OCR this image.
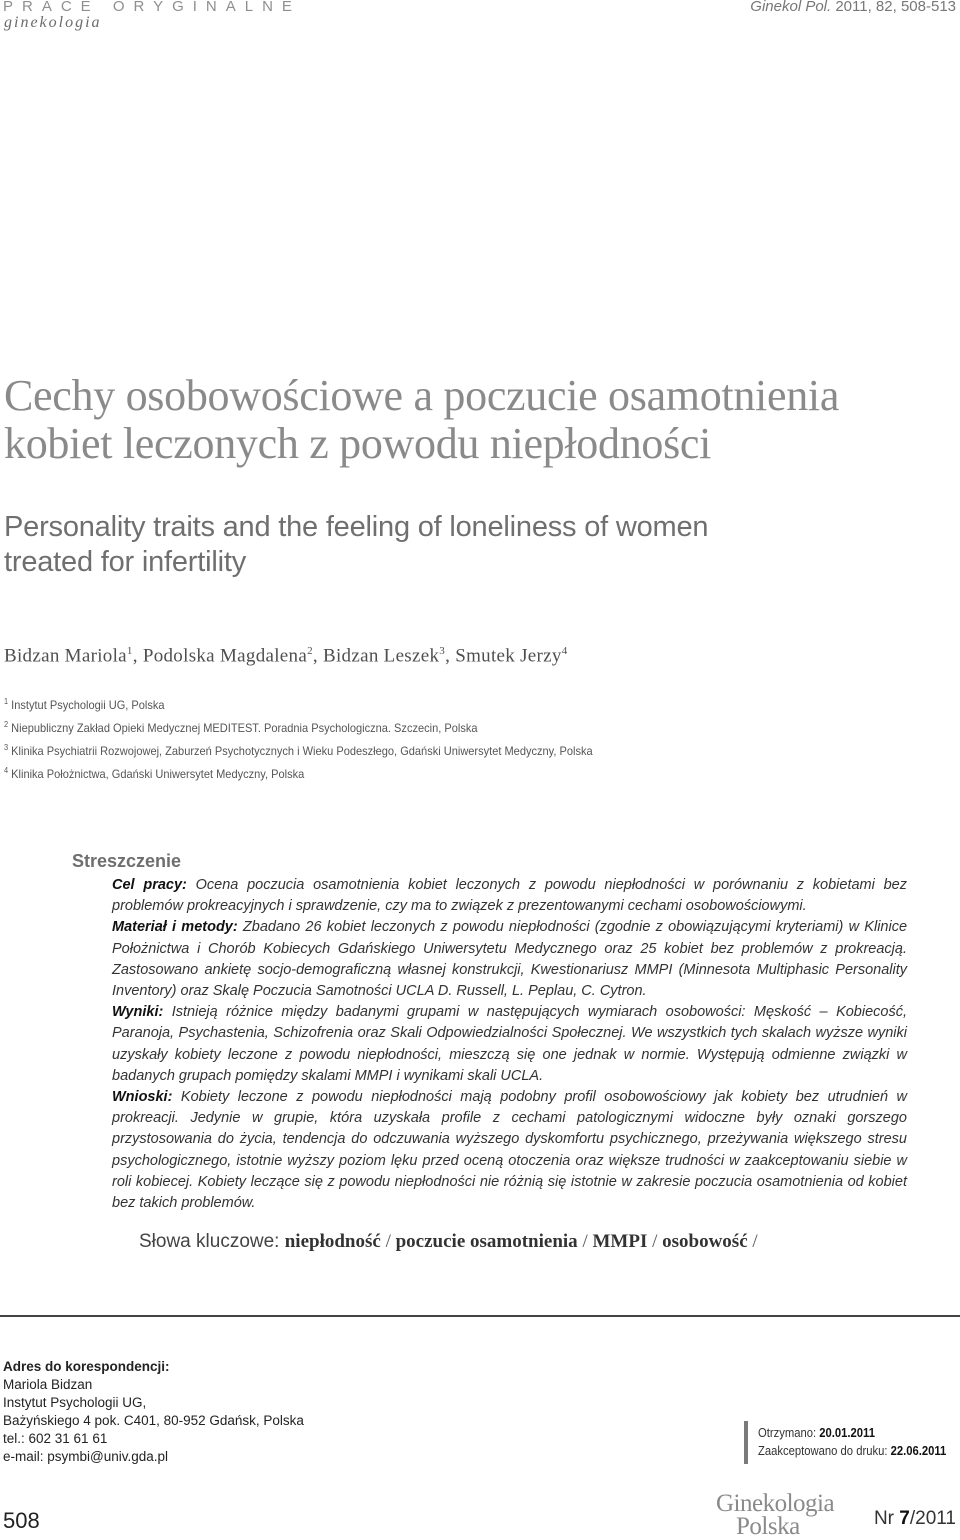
PRACE ORYGINALNE
ginekologia
Ginekol Pol. 2011, 82, 508-513
Cechy osobowościowe a poczucie osamotnienia
kobiet leczonych z powodu niepłodności
Personality traits and the feeling of loneliness of women treated for infertility
Bidzan Mariola$^1$, Podolska Magdalena$^2$, Bidzan Leszek$^3$, Smutek Jerzy$^4$
$^1$ Instytut Psychologii UG, Polska
$^2$ Niepubliczny Zakład Opieki Medycznej MEDITEST. Poradnia Psychologiczna. Szczecin, Polska
$^3$ Klinika Psychiatrii Rozwojowej, Zaburzeń Psychotycznych i Wieku Podeszłego, Gdański Uniwersytet Medyczny, Polska
$^4$ Klinika Położnictwa, Gdański Uniwersytet Medyczny, Polska
Streszczenie

Cel pracy: Ocena poczucia osamotnienia kobiet leczonych z powodu niepłodności w porównaniu z kobietami bez problemów prokreacyjnych i sprawdzenie, czy ma to związek z prezentowanymi cechami osobowościowymi.

Materiał i metody: Zbadano 26 kobiet leczonych z powodu niepłodności (zgodnie z obowiązującymi kryteriami) w Klinice Położnictwa i Chorób Kobiecych Gdańskiego Uniwersytetu Medycznego oraz 25 kobiet bez problemów z prokreacją. Zastosowano ankietę socjo-demograficzną własnej konstrukcji, Kwestionariusz MMPI (Minnesota Multiphasic Personality Inventory) oraz Skalę Poczucia Samotności UCLA D. Russell, L. Peplau, C. Cytron.

Wyniki: Istnieją różnice między badanymi grupami w następujących wymiarach osobowości: Męskość – Kobiecość, Paranoja, Psychastenia, Schizofrenia oraz Skali Odpowiedzialności Społecznej. We wszystkich tych skalach wyższe wyniki uzyskały kobiety leczone z powodu niepłodności, mieszczą się one jednak w normie. Występują odmienne związki w badanych grupach pomiędzy skalami MMPI i wynikami skali UCLA.

Wnioski: Kobiety leczone z powodu niepłodności mają podobny profil osobowościowy jak kobiety bez utrudnień w prokreacji. Jedynie w grupie, która uzyskała profile z cechami patologicznymi widoczne były oznaki gorszego przystosowania do życia, tendencja do odczuwania wyższego dyskomfortu psychicznego, przeżywania większego stresu psychologicznego, istotnie wyższy poziom lęku przed oceną otoczenia oraz większe trudności w zaakceptowaniu siebie w roli kobiecej. Kobiety leczące się z powodu niepłodności nie różnią się istotnie w zakresie poczucia osamotnienia od kobiet bez takich problemów.

Słowa kluczowe: niepłodność / poczucie osamotnienia / MMPI / osobowość /
Adres do korespondencji:
Mariola Bidzan
Instytut Psychologii UG,
Bażyńskiego 4 pok. C401, 80-952 Gdańsk, Polska
tel.: 602 31 61 61
e-mail: psymbi@univ.gda.pl
Otrzymano: 20.01.2011
Zaakceptowano do druku: 22.06.2011
508
Ginekologia
Polska	Nr 7/2011
